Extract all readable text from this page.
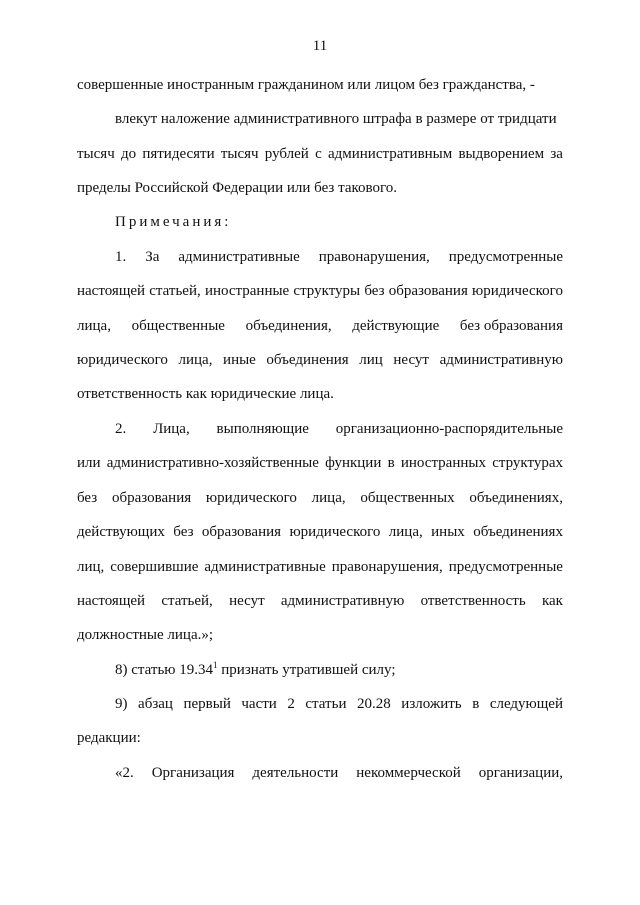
11
совершенные иностранным гражданином или лицом без гражданства, -
влекут наложение административного штрафа в размере от тридцати
тысяч до пятидесяти тысяч рублей с административным выдворением за
пределы Российской Федерации или без такового.
Примечания:
1. За административные правонарушения, предусмотренные
настоящей статьей, иностранные структуры без образования юридического
лица, общественные объединения, действующие без образования
юридического лица, иные объединения лиц несут административную
ответственность как юридические лица.
2. Лица, выполняющие организационно-распорядительные
или административно-хозяйственные функции в иностранных структурах
без образования юридического лица, общественных объединениях,
действующих без образования юридического лица, иных объединениях
лиц, совершившие административные правонарушения, предусмотренные
настоящей статьей, несут административную ответственность как
должностные лица.»;
8) статью 19.34$^1$ признать утратившей силу;
9) абзац первый части 2 статьи 20.28 изложить в следующей
редакции:
«2. Организация деятельности некоммерческой организации,
